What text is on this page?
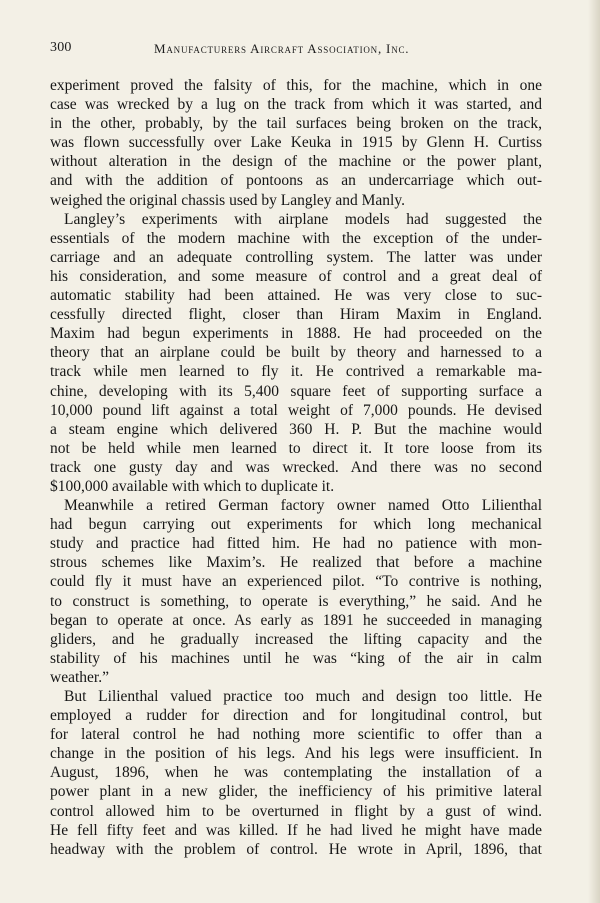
300	Manufacturers Aircraft Association, Inc.
experiment proved the falsity of this, for the machine, which in one
case was wrecked by a lug on the track from which it was started, and
in the other, probably, by the tail surfaces being broken on the track,
was flown successfully over Lake Keuka in 1915 by Glenn H. Curtiss
without alteration in the design of the machine or the power plant,
and with the addition of pontoons as an undercarriage which out-
weighed the original chassis used by Langley and Manly.
Langley’s experiments with airplane models had suggested the
essentials of the modern machine with the exception of the under-
carriage and an adequate controlling system. The latter was under
his consideration, and some measure of control and a great deal of
automatic stability had been attained. He was very close to suc-
cessfully directed flight, closer than Hiram Maxim in England.
Maxim had begun experiments in 1888. He had proceeded on the
theory that an airplane could be built by theory and harnessed to a
track while men learned to fly it. He contrived a remarkable ma-
chine, developing with its 5,400 square feet of supporting surface a
10,000 pound lift against a total weight of 7,000 pounds. He devised
a steam engine which delivered 360 H. P. But the machine would
not be held while men learned to direct it. It tore loose from its
track one gusty day and was wrecked. And there was no second
$100,000 available with which to duplicate it.
Meanwhile a retired German factory owner named Otto Lilienthal
had begun carrying out experiments for which long mechanical
study and practice had fitted him. He had no patience with mon-
strous schemes like Maxim’s. He realized that before a machine
could fly it must have an experienced pilot. “To contrive is nothing,
to construct is something, to operate is everything,” he said. And he
began to operate at once. As early as 1891 he succeeded in managing
gliders, and he gradually increased the lifting capacity and the
stability of his machines until he was “king of the air in calm
weather.”
But Lilienthal valued practice too much and design too little. He
employed a rudder for direction and for longitudinal control, but
for lateral control he had nothing more scientific to offer than a
change in the position of his legs. And his legs were insufficient. In
August, 1896, when he was contemplating the installation of a
power plant in a new glider, the inefficiency of his primitive lateral
control allowed him to be overturned in flight by a gust of wind.
He fell fifty feet and was killed. If he had lived he might have made
headway with the problem of control. He wrote in April, 1896, that
